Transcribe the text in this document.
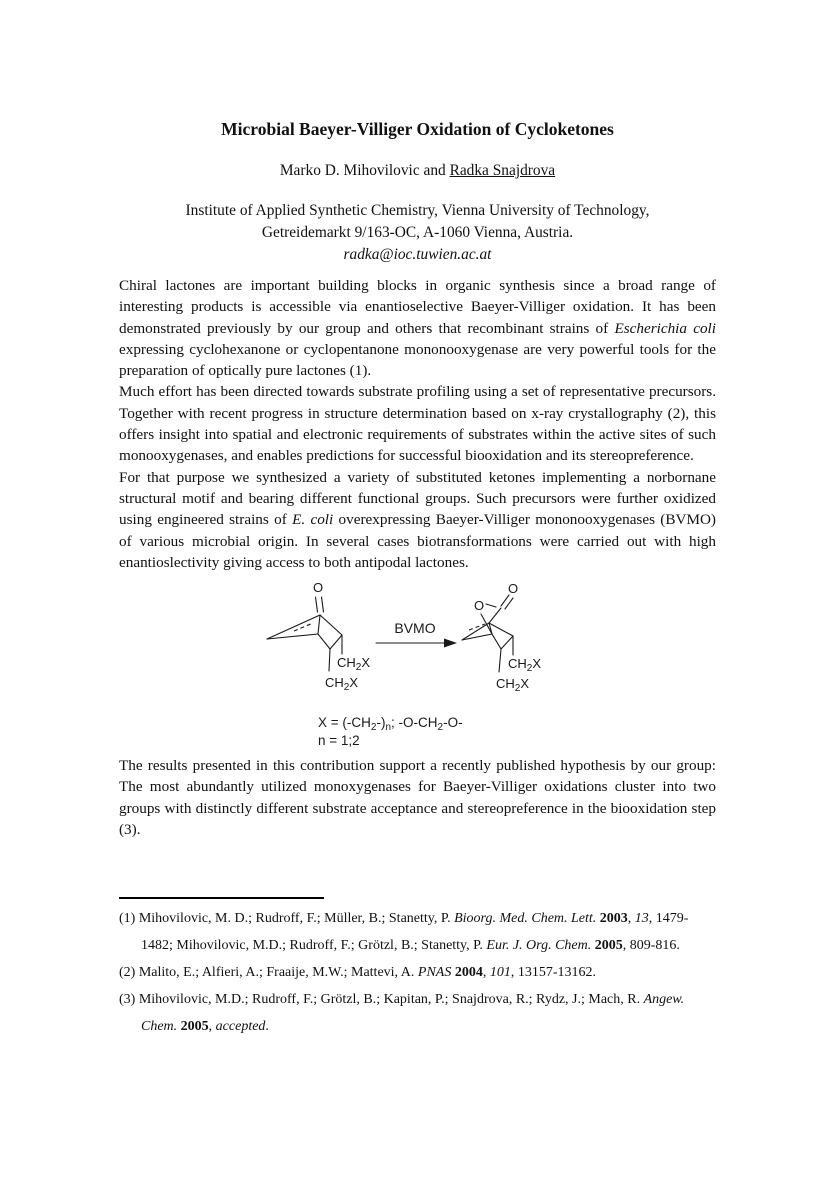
Microbial Baeyer-Villiger Oxidation of Cycloketones

Marko D. Mihovilovic and Radka Snajdrova

Institute of Applied Synthetic Chemistry, Vienna University of Technology,
Getreidemarkt 9/163-OC, A-1060 Vienna, Austria.
radka@ioc.tuwien.ac.at

Chiral lactones are important building blocks in organic synthesis since a broad range of interesting products is accessible via enantioselective Baeyer-Villiger oxidation. It has been demonstrated previously by our group and others that recombinant strains of Escherichia coli expressing cyclohexanone or cyclopentanone mononooxygenase are very powerful tools for the preparation of optically pure lactones (1).

Much effort has been directed towards substrate profiling using a set of representative precursors. Together with recent progress in structure determination based on x-ray crystallography (2), this offers insight into spatial and electronic requirements of substrates within the active sites of such monooxygenases, and enables predictions for successful biooxidation and its stereopreference.

For that purpose we synthesized a variety of substituted ketones implementing a norbornane structural motif and bearing different functional groups. Such precursors were further oxidized using engineered strains of E. coli overexpressing Baeyer-Villiger mononooxygenases (BVMO) of various microbial origin. In several cases biotransformations were carried out with high enantioslectivity giving access to both antipodal lactones.

O
$CH_2X$
$CH_2X$
BVMO
O
O
$CH_2X$
$CH_2X$
$X = (-CH_2-)_n$; $-O-CH_2-O-$
n = 1;2

The results presented in this contribution support a recently published hypothesis by our group: The most abundantly utilized monoxygenases for Baeyer-Villiger oxidations cluster into two groups with distinctly different substrate acceptance and stereopreference in the biooxidation step (3).

(1) Mihovilovic, M. D.; Rudroff, F.; Müller, B.; Stanetty, P. Bioorg. Med. Chem. Lett. 2003, 13, 1479-1482; Mihovilovic, M.D.; Rudroff, F.; Grötzl, B.; Stanetty, P. Eur. J. Org. Chem. 2005, 809-816.

(2) Malito, E.; Alfieri, A.; Fraaije, M.W.; Mattevi, A. PNAS 2004, 101, 13157-13162.

(3) Mihovilovic, M.D.; Rudroff, F.; Grötzl, B.; Kapitan, P.; Snajdrova, R.; Rydz, J.; Mach, R. Angew. Chem. 2005, accepted.
